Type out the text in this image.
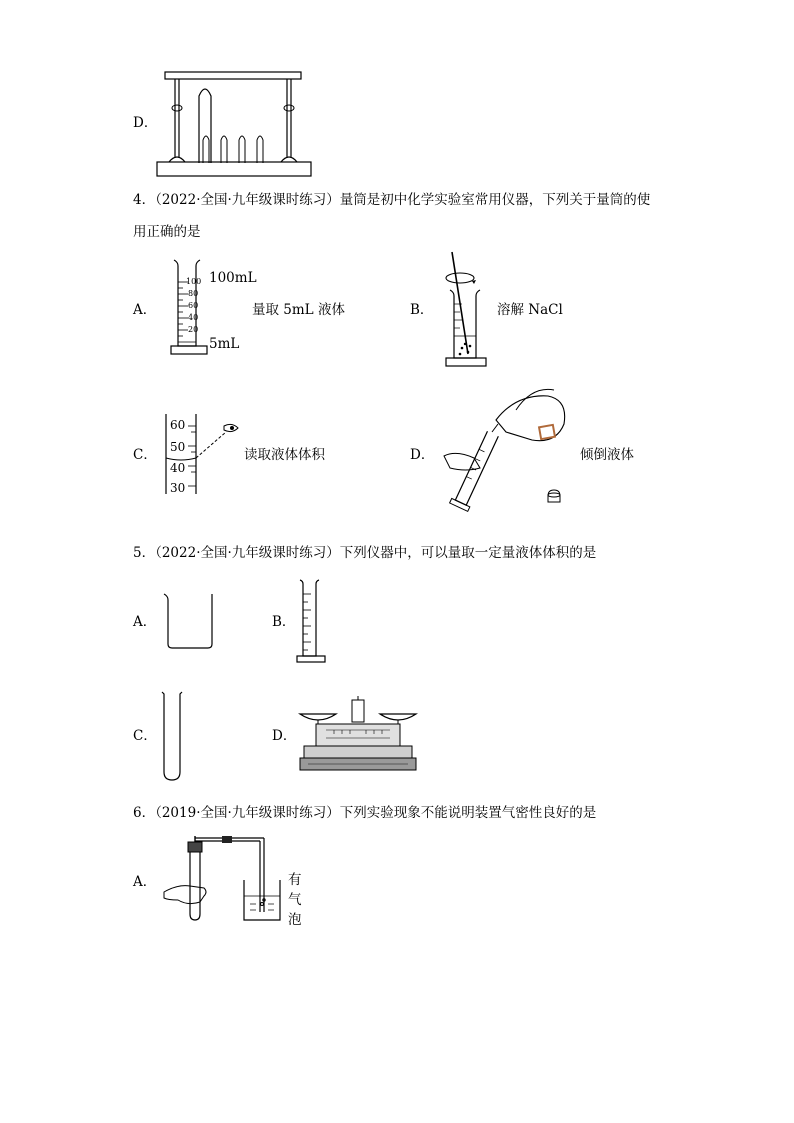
D．
4．（2022·全国·九年级课时练习）量筒是初中化学实验室常用仪器，下列关于量筒的使
用正确的是
A．
100
80
60
40
20
100mL
5mL
量取 5mL 液体	B．	溶解 NaCl
C．
60
50
40
30
读取液体体积	D．	倾倒液体
5．（2022·全国·九年级课时练习）下列仪器中，可以量取一定量液体体积的是
A．	B．
C．	D．
6．（2019·全国·九年级课时练习）下列实验现象不能说明装置气密性良好的是
A．	有
气
泡
